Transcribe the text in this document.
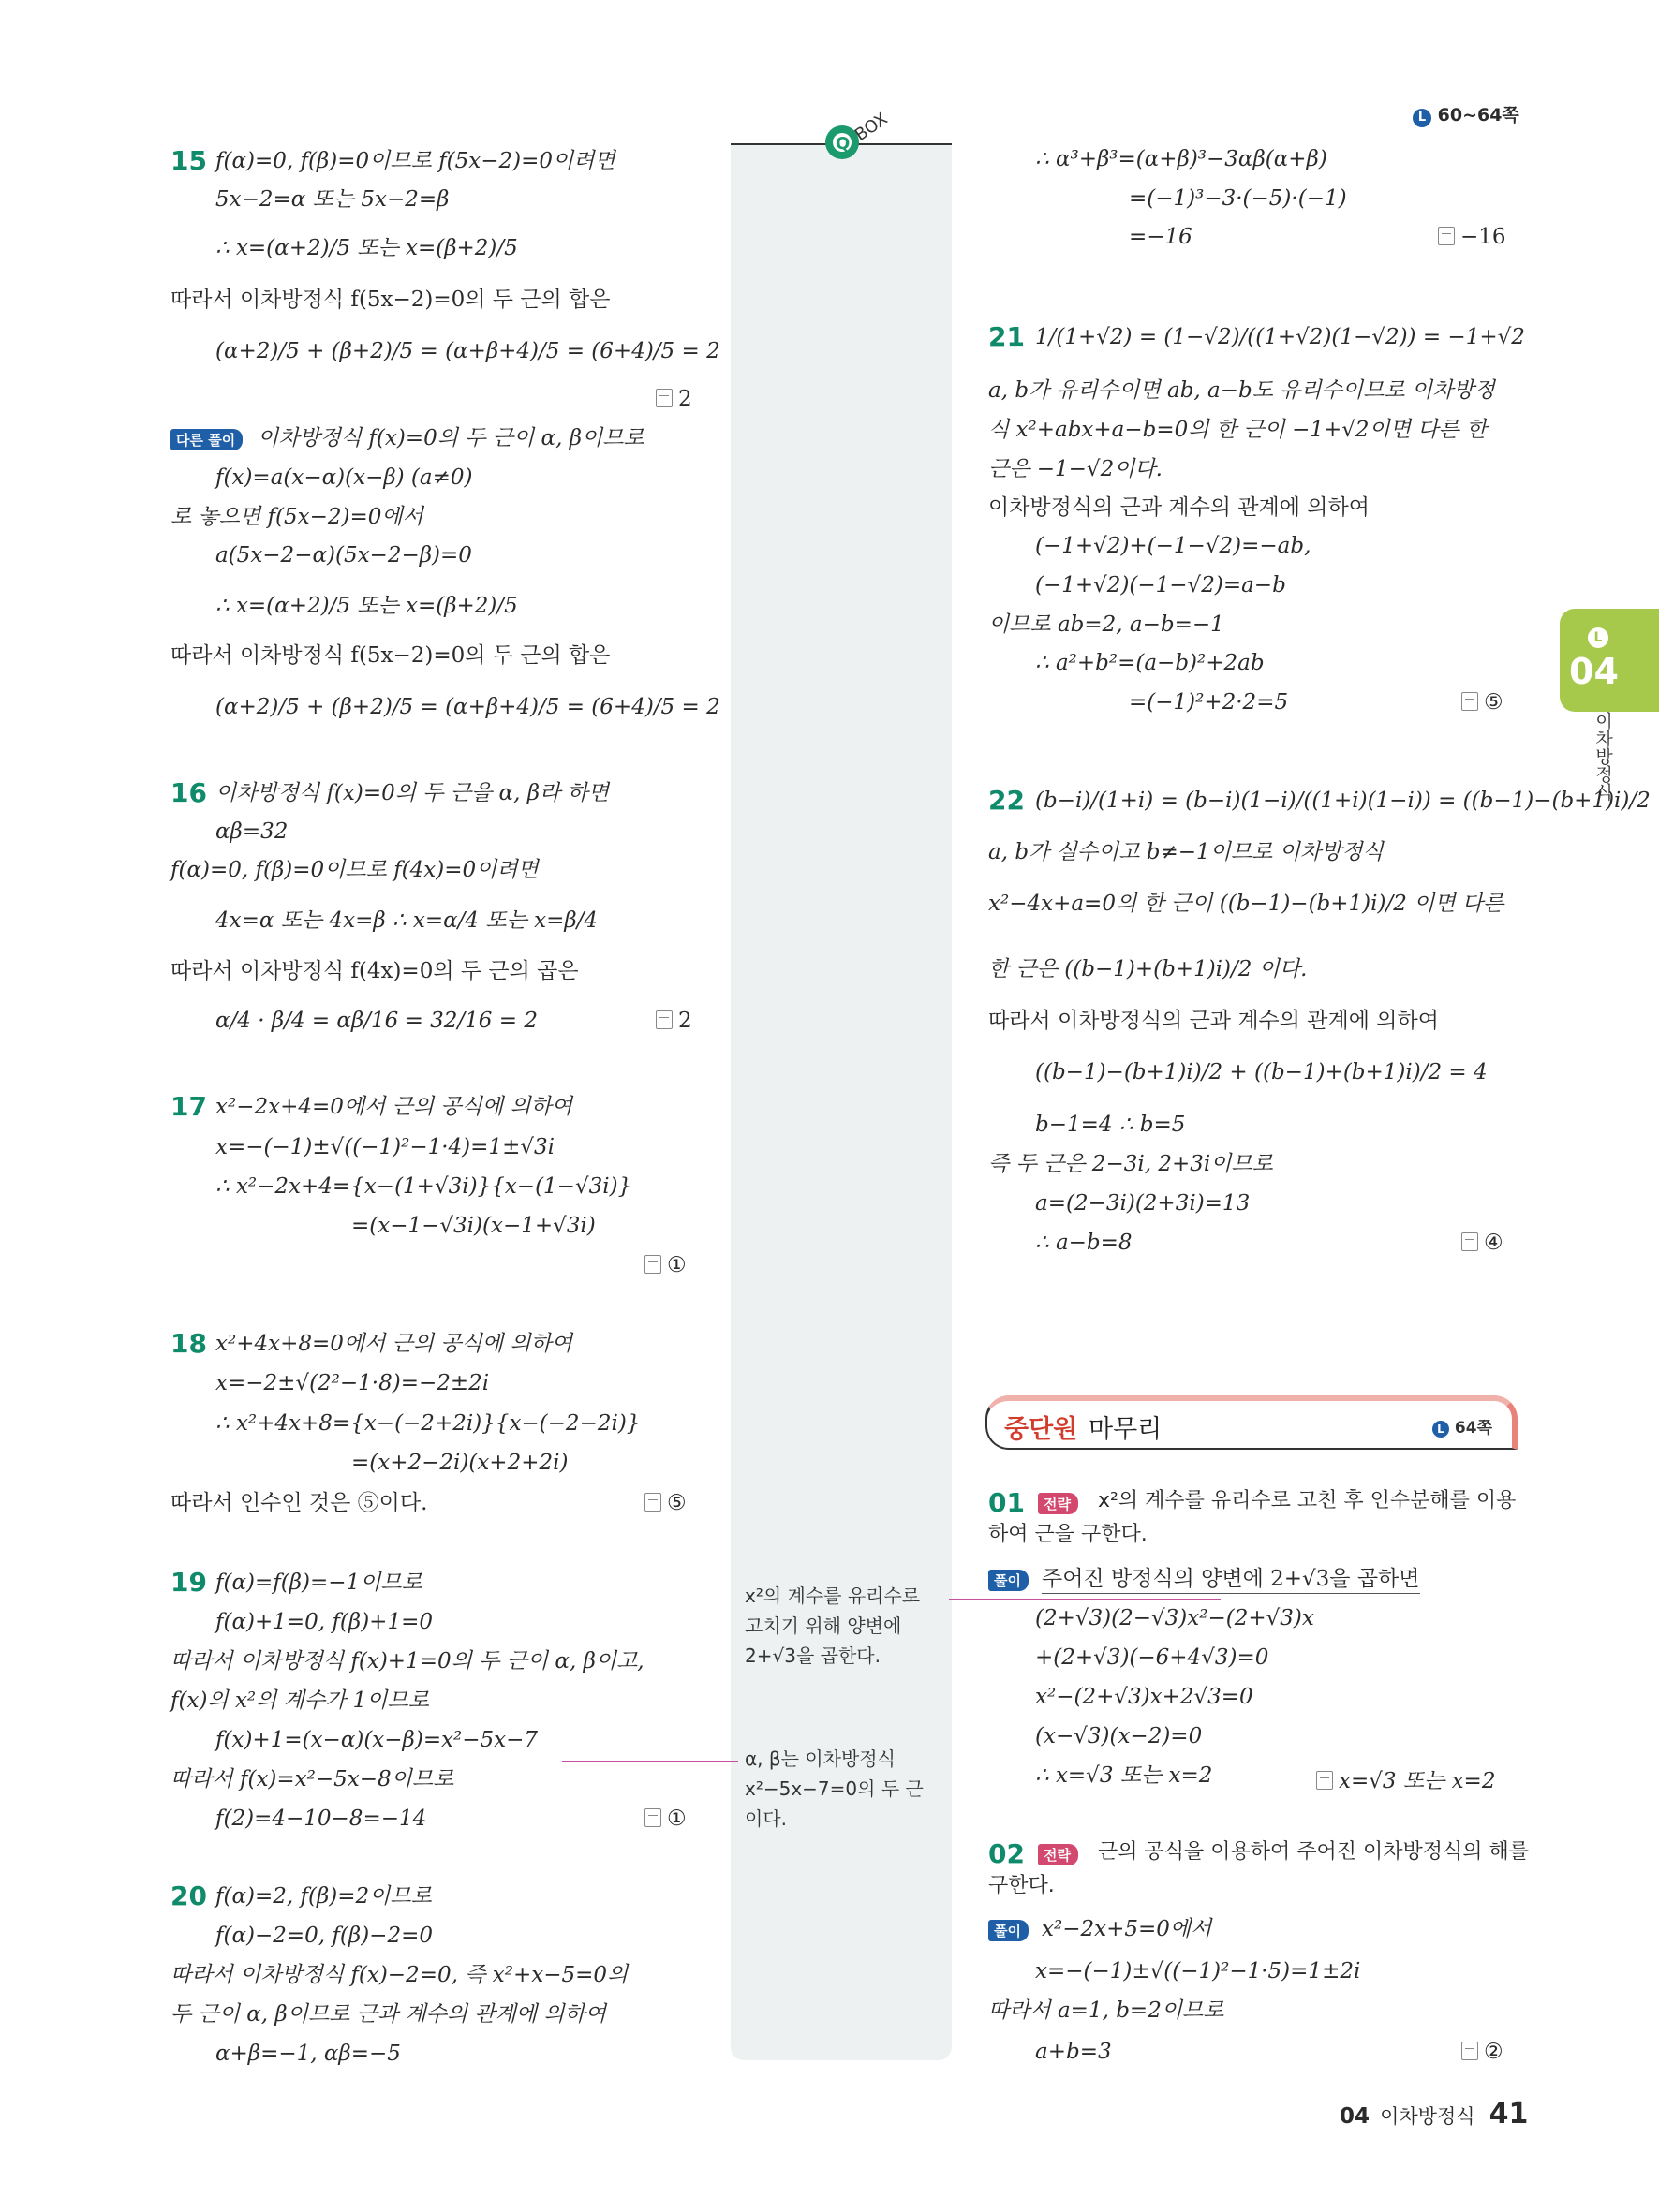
L 60~64쪽
Q BOX
x²의 계수를 유리수로
고치기 위해 양변에
2+√3을 곱한다.
α, β는 이차방정식
x²−5x−7=0의 두 근
이다.
L
04
이차방정식
15 f(α)=0, f(β)=0이므로 f(5x−2)=0이려면
5x−2=α 또는 5x−2=β
∴ x=(α+2)/5 또는 x=(β+2)/5
따라서 이차방정식 f(5x−2)=0의 두 근의 합은
(α+2)/5 + (β+2)/5 = (α+β+4)/5 = (6+4)/5 = 2
2
다른 풀이	이차방정식 f(x)=0의 두 근이 α, β이므로
f(x)=a(x−α)(x−β) (a≠0)
로 놓으면 f(5x−2)=0에서
a(5x−2−α)(5x−2−β)=0
∴ x=(α+2)/5 또는 x=(β+2)/5
따라서 이차방정식 f(5x−2)=0의 두 근의 합은
(α+2)/5 + (β+2)/5 = (α+β+4)/5 = (6+4)/5 = 2
16 이차방정식 f(x)=0의 두 근을 α, β라 하면
αβ=32
f(α)=0, f(β)=0이므로 f(4x)=0이려면
4x=α 또는 4x=β ∴ x=α/4 또는 x=β/4
따라서 이차방정식 f(4x)=0의 두 근의 곱은
α/4 · β/4 = αβ/16 = 32/16 = 2	2
17 x²−2x+4=0에서 근의 공식에 의하여
x=−(−1)±√((−1)²−1·4)=1±√3i
∴ x²−2x+4={x−(1+√3i)}{x−(1−√3i)}
=(x−1−√3i)(x−1+√3i)
①
18 x²+4x+8=0에서 근의 공식에 의하여
x=−2±√(2²−1·8)=−2±2i
∴ x²+4x+8={x−(−2+2i)}{x−(−2−2i)}
=(x+2−2i)(x+2+2i)
따라서 인수인 것은 ⑤이다.	⑤
19 f(α)=f(β)=−1이므로
f(α)+1=0, f(β)+1=0
따라서 이차방정식 f(x)+1=0의 두 근이 α, β이고,
f(x)의 x²의 계수가 1이므로
f(x)+1=(x−α)(x−β)=x²−5x−7
따라서 f(x)=x²−5x−8이므로
f(2)=4−10−8=−14	①
20 f(α)=2, f(β)=2이므로
f(α)−2=0, f(β)−2=0
따라서 이차방정식 f(x)−2=0, 즉 x²+x−5=0의
두 근이 α, β이므로 근과 계수의 관계에 의하여
α+β=−1, αβ=−5
∴ α³+β³=(α+β)³−3αβ(α+β)
=(−1)³−3·(−5)·(−1)
=−16	−16
21 1/(1+√2) = (1−√2)/((1+√2)(1−√2)) = −1+√2
a, b가 유리수이면 ab, a−b도 유리수이므로 이차방정
식 x²+abx+a−b=0의 한 근이 −1+√2이면 다른 한
근은 −1−√2이다.
이차방정식의 근과 계수의 관계에 의하여
(−1+√2)+(−1−√2)=−ab,
(−1+√2)(−1−√2)=a−b
이므로 ab=2, a−b=−1
∴ a²+b²=(a−b)²+2ab
=(−1)²+2·2=5	⑤
22 (b−i)/(1+i) = (b−i)(1−i)/((1+i)(1−i)) = ((b−1)−(b+1)i)/2
a, b가 실수이고 b≠−1이므로 이차방정식
x²−4x+a=0의 한 근이 ((b−1)−(b+1)i)/2 이면 다른
한 근은 ((b−1)+(b+1)i)/2 이다.
따라서 이차방정식의 근과 계수의 관계에 의하여
((b−1)−(b+1)i)/2 + ((b−1)+(b+1)i)/2 = 4
b−1=4 ∴ b=5
즉 두 근은 2−3i, 2+3i이므로
a=(2−3i)(2+3i)=13
∴ a−b=8	④
중단원 마무리	L 64쪽
01	전략	x²의 계수를 유리수로 고친 후 인수분해를 이용
하여 근을 구한다.
풀이 주어진 방정식의 양변에 2+√3을 곱하면
(2+√3)(2−√3)x²−(2+√3)x
+(2+√3)(−6+4√3)=0
x²−(2+√3)x+2√3=0
(x−√3)(x−2)=0
∴ x=√3 또는 x=2	x=√3 또는 x=2
02	전략	근의 공식을 이용하여 주어진 이차방정식의 해를
구한다.
풀이 x²−2x+5=0에서
x=−(−1)±√((−1)²−1·5)=1±2i
따라서 a=1, b=2이므로
a+b=3	②
04 이차방정식 41
